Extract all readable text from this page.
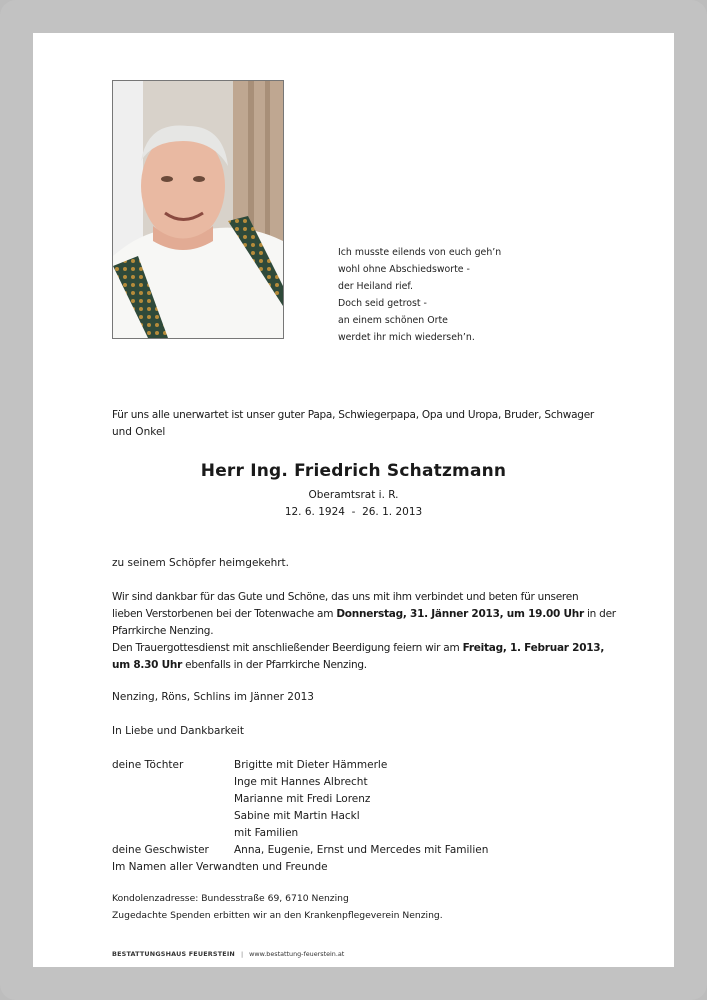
Ich musste eilends von euch geh’n
wohl ohne Abschiedsworte -
der Heiland rief.
Doch seid getrost -
an einem schönen Orte
werdet ihr mich wiederseh’n.
Für uns alle unerwartet ist unser guter Papa, Schwiegerpapa, Opa und Uropa, Bruder, Schwager
und Onkel
Herr Ing. Friedrich Schatzmann
Oberamtsrat i. R.
12. 6. 1924  -  26. 1. 2013
zu seinem Schöpfer heimgekehrt.
Wir sind dankbar für das Gute und Schöne, das uns mit ihm verbindet und beten für unseren
lieben Verstorbenen bei der Totenwache am Donnerstag, 31. Jänner 2013, um 19.00 Uhr in der
Pfarrkirche Nenzing.
Den Trauergottesdienst mit anschließender Beerdigung feiern wir am Freitag, 1. Februar 2013,
um 8.30 Uhr ebenfalls in der Pfarrkirche Nenzing.
Nenzing, Röns, Schlins im Jänner 2013
In Liebe und Dankbarkeit
deine Töchter	Brigitte mit Dieter Hämmerle
Inge mit Hannes Albrecht
Marianne mit Fredi Lorenz
Sabine mit Martin Hackl
mit Familien
deine Geschwister	Anna, Eugenie, Ernst und Mercedes mit Familien
Im Namen aller Verwandten und Freunde
Kondolenzadresse: Bundesstraße 69, 6710 Nenzing
Zugedachte Spenden erbitten wir an den Krankenpflegeverein Nenzing.
BESTATTUNGSHAUS FEUERSTEIN | www.bestattung-feuerstein.at
